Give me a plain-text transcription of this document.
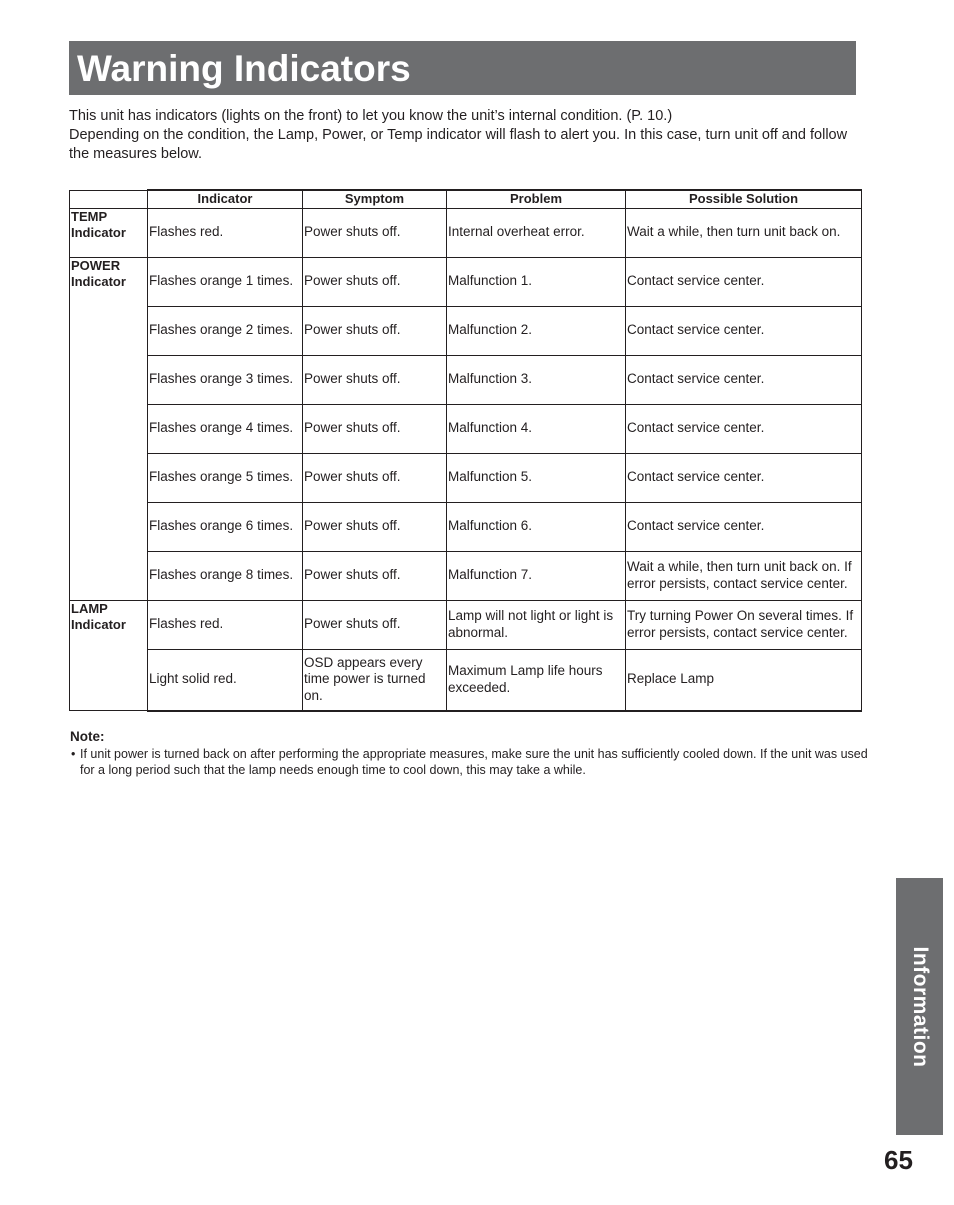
Warning Indicators

This unit has indicators (lights on the front) to let you know the unit’s internal condition. (P. 10.)

Depending on the condition, the Lamp, Power, or Temp indicator will flash to alert you. In this case, turn unit off and follow the measures below.

	Indicator	Symptom	Problem	Possible Solution

TEMP
Indicator	Flashes red.	Power shuts off.	Internal overheat error.	Wait a while, then turn unit back on.

POWER
Indicator	Flashes orange 1 times.	Power shuts off.	Malfunction 1.	Contact service center.
	Flashes orange 2 times.	Power shuts off.	Malfunction 2.	Contact service center.
	Flashes orange 3 times.	Power shuts off.	Malfunction 3.	Contact service center.
	Flashes orange 4 times.	Power shuts off.	Malfunction 4.	Contact service center.
	Flashes orange 5 times.	Power shuts off.	Malfunction 5.	Contact service center.
	Flashes orange 6 times.	Power shuts off.	Malfunction 6.	Contact service center.
	Flashes orange 8 times.	Power shuts off.	Malfunction 7.	Wait a while, then turn unit back on. If error persists, contact service center.

LAMP
Indicator	Flashes red.	Power shuts off.	Lamp will not light or light is abnormal.	Try turning Power On several times. If error persists, contact service center.
	Light solid red.	OSD appears every time power is turned on.	Maximum Lamp life hours exceeded.	Replace Lamp
Note:

• If unit power is turned back on after performing the appropriate measures, make sure the unit has sufficiently cooled down. If the unit was used for a long period such that the lamp needs enough time to cool down, this may take a while.

Information
65
